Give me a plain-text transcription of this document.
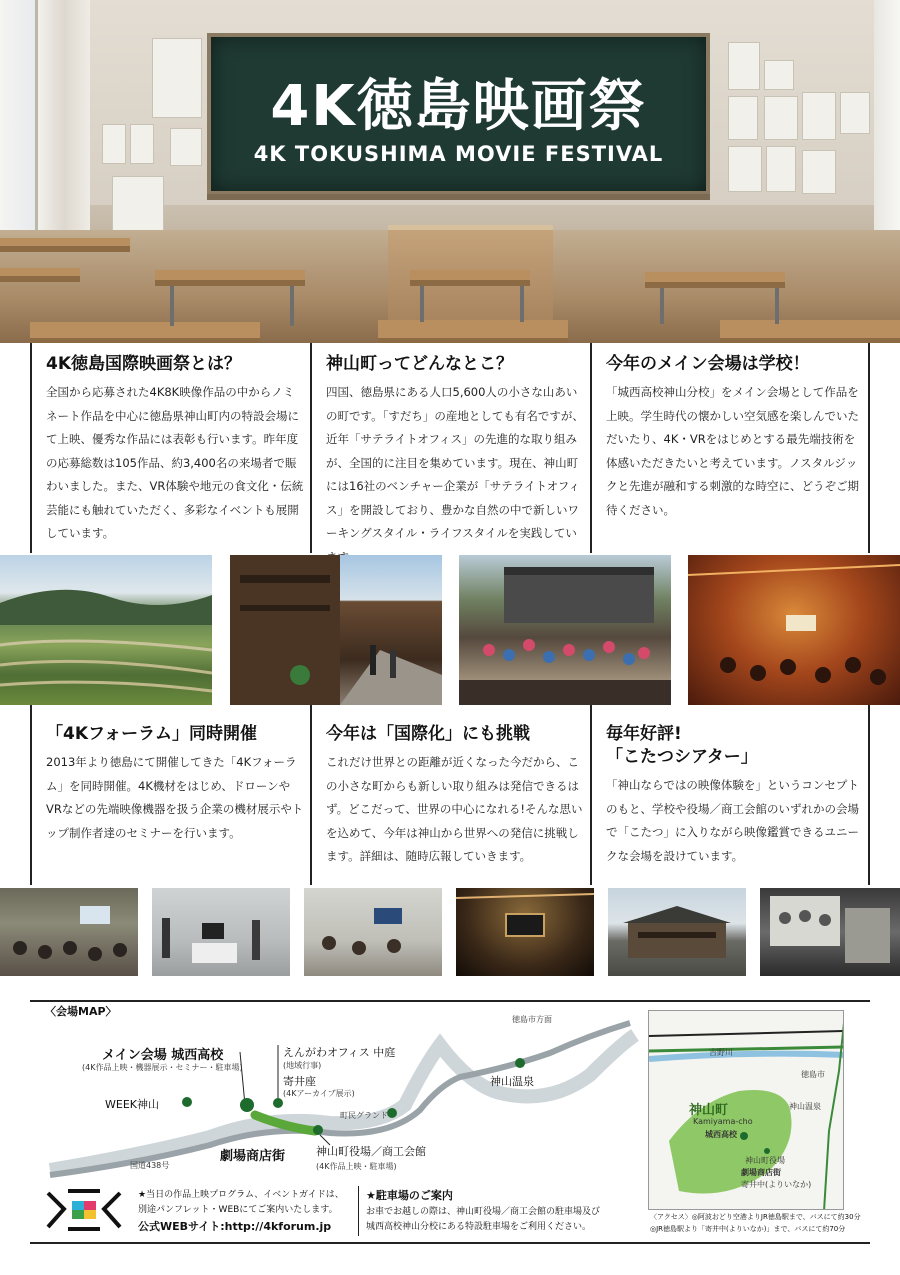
4K徳島映画祭
4K TOKUSHIMA MOVIE FESTIVAL
4K徳島国際映画祭とは？
全国から応募された4K8K映像作品の中からノミネート作品を中心に徳島県神山町内の特設会場にて上映、優秀な作品には表彰も行います。昨年度の応募総数は105作品、約3,400名の来場者で賑わいました。また、VR体験や地元の食文化・伝統芸能にも触れていただく、多彩なイベントも展開しています。
神山町ってどんなとこ？
四国、徳島県にある人口5,600人の小さな山あいの町です。「すだち」の産地としても有名ですが、近年「サテライトオフィス」の先進的な取り組みが、全国的に注目を集めています。現在、神山町には16社のベンチャー企業が「サテライトオフィス」を開設しており、豊かな自然の中で新しいワーキングスタイル・ライフスタイルを実践してい
今年のメイン会場は学校！
「城西高校神山分校」をメイン会場として作品を上映。学生時代の懐かしい空気感を楽しんでいただいたり、4K・VRをはじめとする最先端技術を体感いただきたいと考えています。ノスタルジックと先進が融和する刺激的な時空に、どうぞご期待ください。
「4Kフォーラム」同時開催
2013年より徳島にて開催してきた「4Kフォーラム」を同時開催。4K機材をはじめ、ドローンやVRなどの先端映像機器を扱う企業の機材展示やトップ制作者達のセミナーを行います。
今年は「国際化」にも挑戦
これだけ世界との距離が近くなった今だから、この小さな町からも新しい取り組みは発信できるはず。どこだって、世界の中心になれる!そんな思いを込めて、今年は神山から世界への発信に挑戦します。詳細は、随時広報していきます。
毎年好評!
「こたつシアター」
「神山ならではの映像体験を」というコンセプトのもと、学校や役場／商工会館のいずれかの会場で「こたつ」に入りながら映像鑑賞できるユニークな会場を設けています。
〈会場MAP〉
メイン会場 城西高校
(4K作品上映・機器展示・セミナー・駐車場)
えんがわオフィス 中庭
(地域行事)
寄井座
(4Kアーカイブ展示)
WEEK神山
劇場商店街	神山町役場／商工会館
(4K作品上映・駐車場)
町民グランド
神山温泉
徳島市方面
国道438号
神山町
Kamiyama-cho
城西高校
劇場商店街
神山町役場
寄井中(よりいなか)
吉野川
徳島市
神山温泉
★当日の作品上映プログラム、イベントガイドは、
別途パンフレット・WEBにてご案内いたします。
公式WEBサイト:http://4kforum.jp
★駐車場のご案内
お車でお越しの際は、神山町役場／商工会館の駐車場及び
城西高校神山分校にある特設駐車場をご利用ください。
〈アクセス〉◎阿波おどり空港よりJR徳島駅まで、バスにて約30分
◎JR徳島駅より「寄井中(よりいなか)」まで、バスにて約70分
